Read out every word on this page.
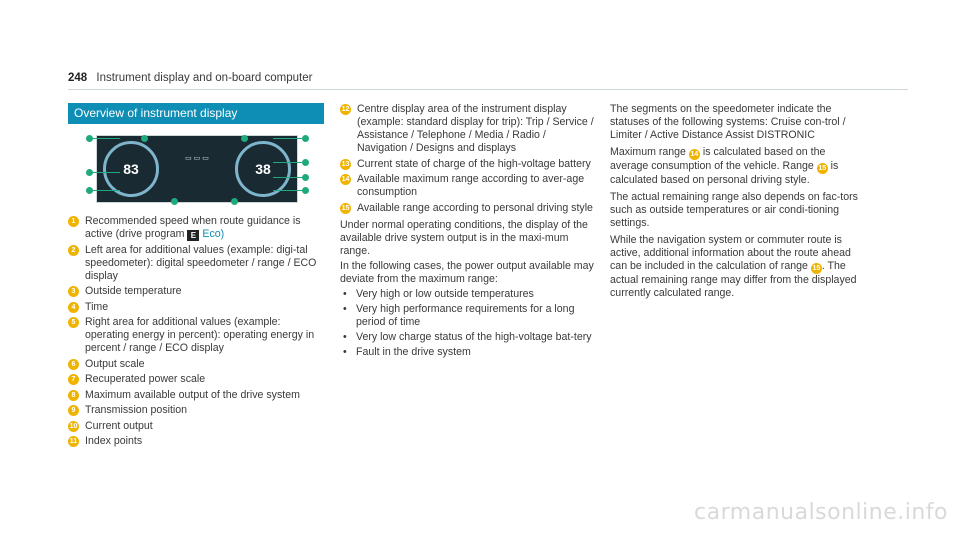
248 Instrument display and on-board computer
Overview of instrument display
83
▭ ▭ ▭
38
1 Recommended speed when route guidance is active (drive program E Eco)
2 Left area for additional values (example: digi-tal speedometer): digital speedometer / range / ECO display
3 Outside temperature
4 Time
5 Right area for additional values (example: operating energy in percent): operating energy in percent / range / ECO display
6 Output scale
7 Recuperated power scale
8 Maximum available output of the drive system
9 Transmission position
10 Current output
11 Index points
12 Centre display area of the instrument display (example: standard display for trip): Trip / Service / Assistance / Telephone / Media / Radio / Navigation / Designs and displays
13 Current state of charge of the high-voltage battery
14 Available maximum range according to aver-age consumption
15 Available range according to personal driving style

Under normal operating conditions, the display of the available drive system output is in the maxi-mum range.

In the following cases, the power output available may deviate from the maximum range:

• Very high or low outside temperatures
• Very high performance requirements for a long period of time
• Very low charge status of the high-voltage bat-tery
• Fault in the drive system

The segments on the speedometer indicate the statuses of the following systems: Cruise con-trol / Limiter / Active Distance Assist DISTRONIC

Maximum range 14 is calculated based on the average consumption of the vehicle. Range 15 is calculated based on personal driving style.

The actual remaining range also depends on fac-tors such as outside temperatures or air condi-tioning settings.

While the navigation system or commuter route is active, additional information about the route ahead can be included in the calculation of range 15 . The actual remaining range may differ from the displayed currently calculated range.

carmanualsonline.info
